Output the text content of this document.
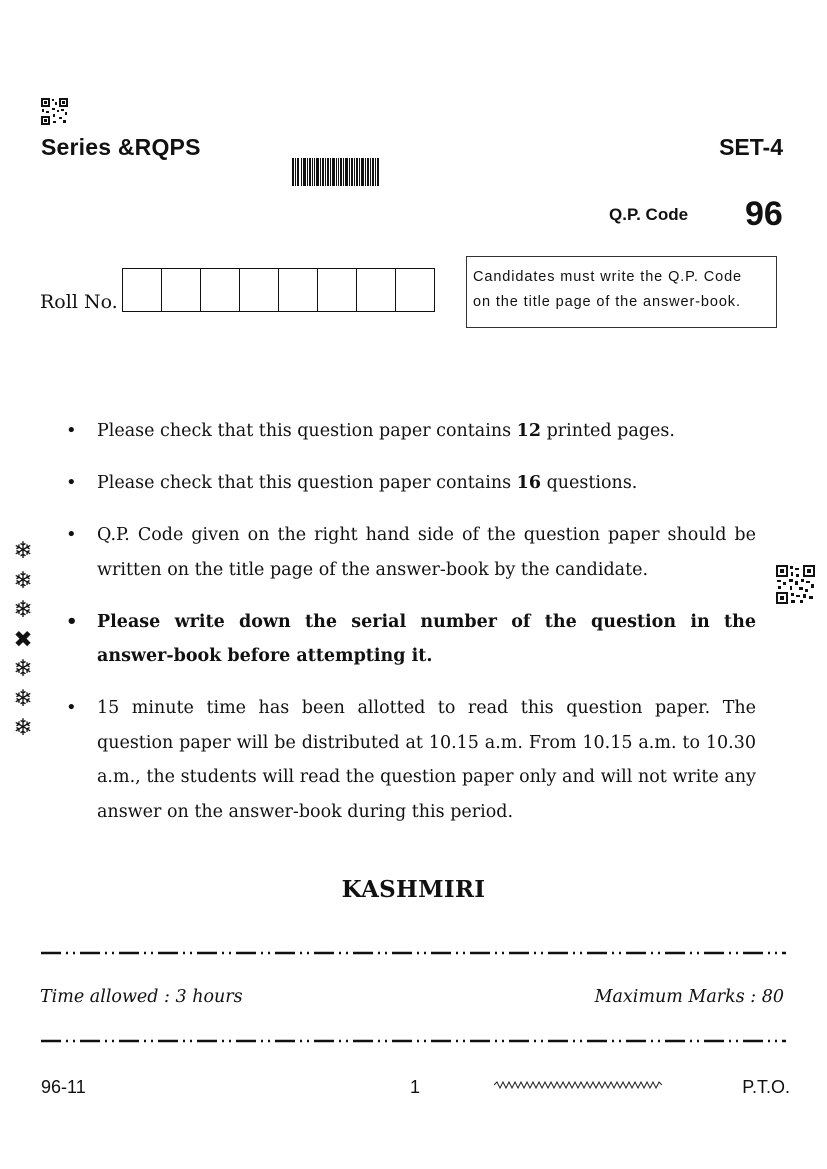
Series &RQPS	SET-4
Q.P. Code 96
Roll No.
Candidates must write the Q.P. Code
on the title page of the answer-book.
• Please check that this question paper contains 12 printed pages.
• Please check that this question paper contains 16 questions.
• Q.P. Code given on the right hand side of the question paper should be written on the title page of the answer-book by the candidate.
• Please write down the serial number of the question in the answer-book before attempting it.
• 15 minute time has been allotted to read this question paper. The question paper will be distributed at 10.15 a.m. From 10.15 a.m. to 10.30 a.m., the students will read the question paper only and will not write any answer on the answer-book during this period.
❄
❄
❄
✖
❄
❄
❄
KASHMIRI
Time allowed : 3 hours	Maximum Marks : 80
96-11	1	P.T.O.
